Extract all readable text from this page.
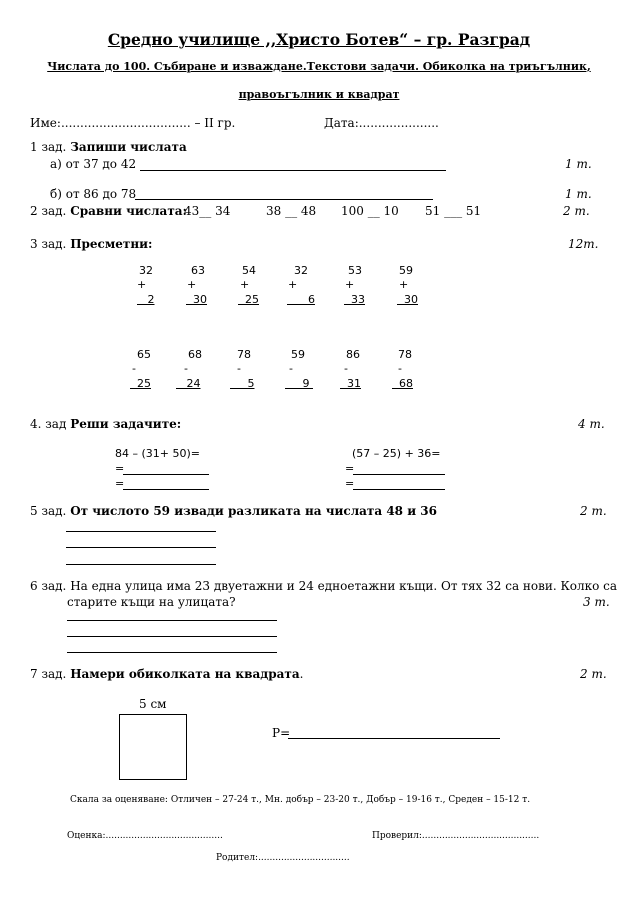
Средно училище ,,Христо Ботев“ – гр. Разград
Числата до 100. Събиране и изваждане.Текстови задачи. Обиколка на триъгълник,
правоъгълник и квадрат
Име:.................................. – II гр.	Дата:.....................
1 зад. Запиши числата
а) от 37 до 42	1 т.
б) от 86 до 78	1 т.
2 зад. Сравни числата:
43__ 34	38 __ 48 100 __ 10 51 ___ 51	2 т.
3 зад. Пресметни:	12т.
32
+
2
63
+
30
54
+
25
32
+
6
53
+
33
59
+
30
65
-
25
68
-
24
78
-
5
59
-
9
86
-
31
78
-
68
4. зад Реши задачите:	4 т.
84 – (31+ 50)=
=
=
(57 – 25) + 36=
=
=
5 зад. От числото 59 извади разликата на числата 48 и 36	2 т.
6 зад. На една улица има 23 двуетажни и 24 едноетажни къщи. От тях 32 са нови. Колко са
старите къщи на улицата?	3 т.
7 зад. Намери обиколката на квадрата.	2 т.
5 см
P=
Скала за оценяване: Отличен – 27-24 т., Мн. добър – 23-20 т., Добър – 19-16 т., Среден – 15-12 т.
Оценка:.........................................	Проверил:.........................................
Родител:................................
